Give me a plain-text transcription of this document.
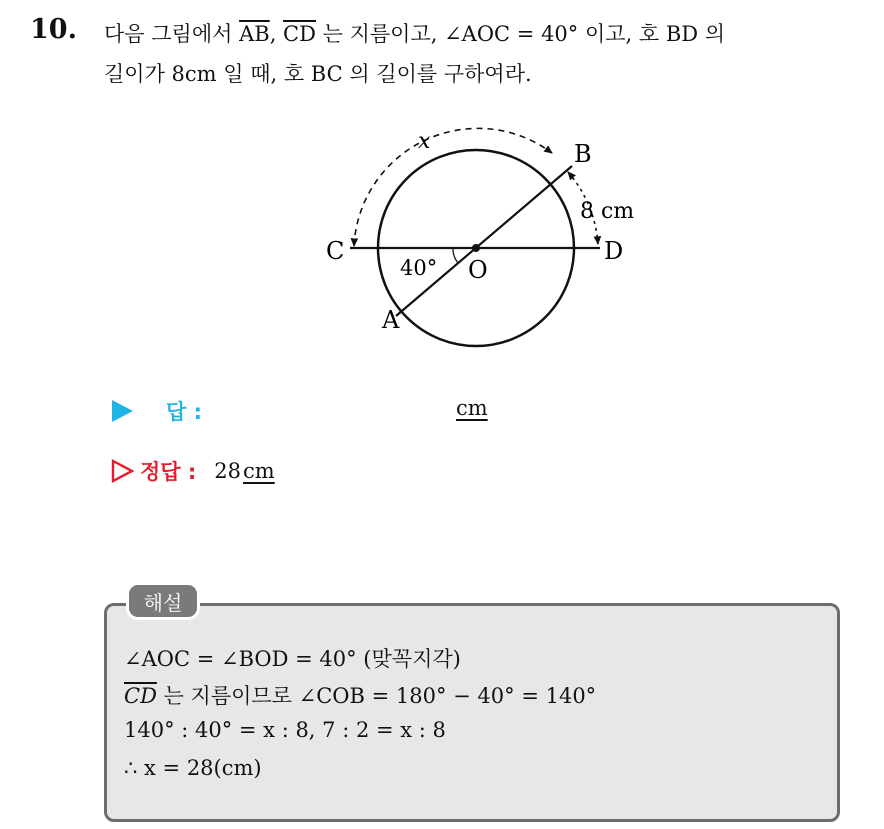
10. 다음 그림에서 $\overline{AB}$, $\overline{CD}$ 는 지름이고, ∠AOC = 40° 이고, 호 BD 의
길이가 8cm 일 때, 호 BC 의 길이를 구하여라.
A
B
C	D
O
40°
x
8 cm
답 :	cm
정답 : 28 cm
해설
∠AOC = ∠BOD = 40° (맞꼭지각)
$\overline{CD}$ 는 지름이므로 ∠COB = 180° − 40° = 140°
140° : 40° = x : 8, 7 : 2 = x : 8
∴ x = 28(cm)
